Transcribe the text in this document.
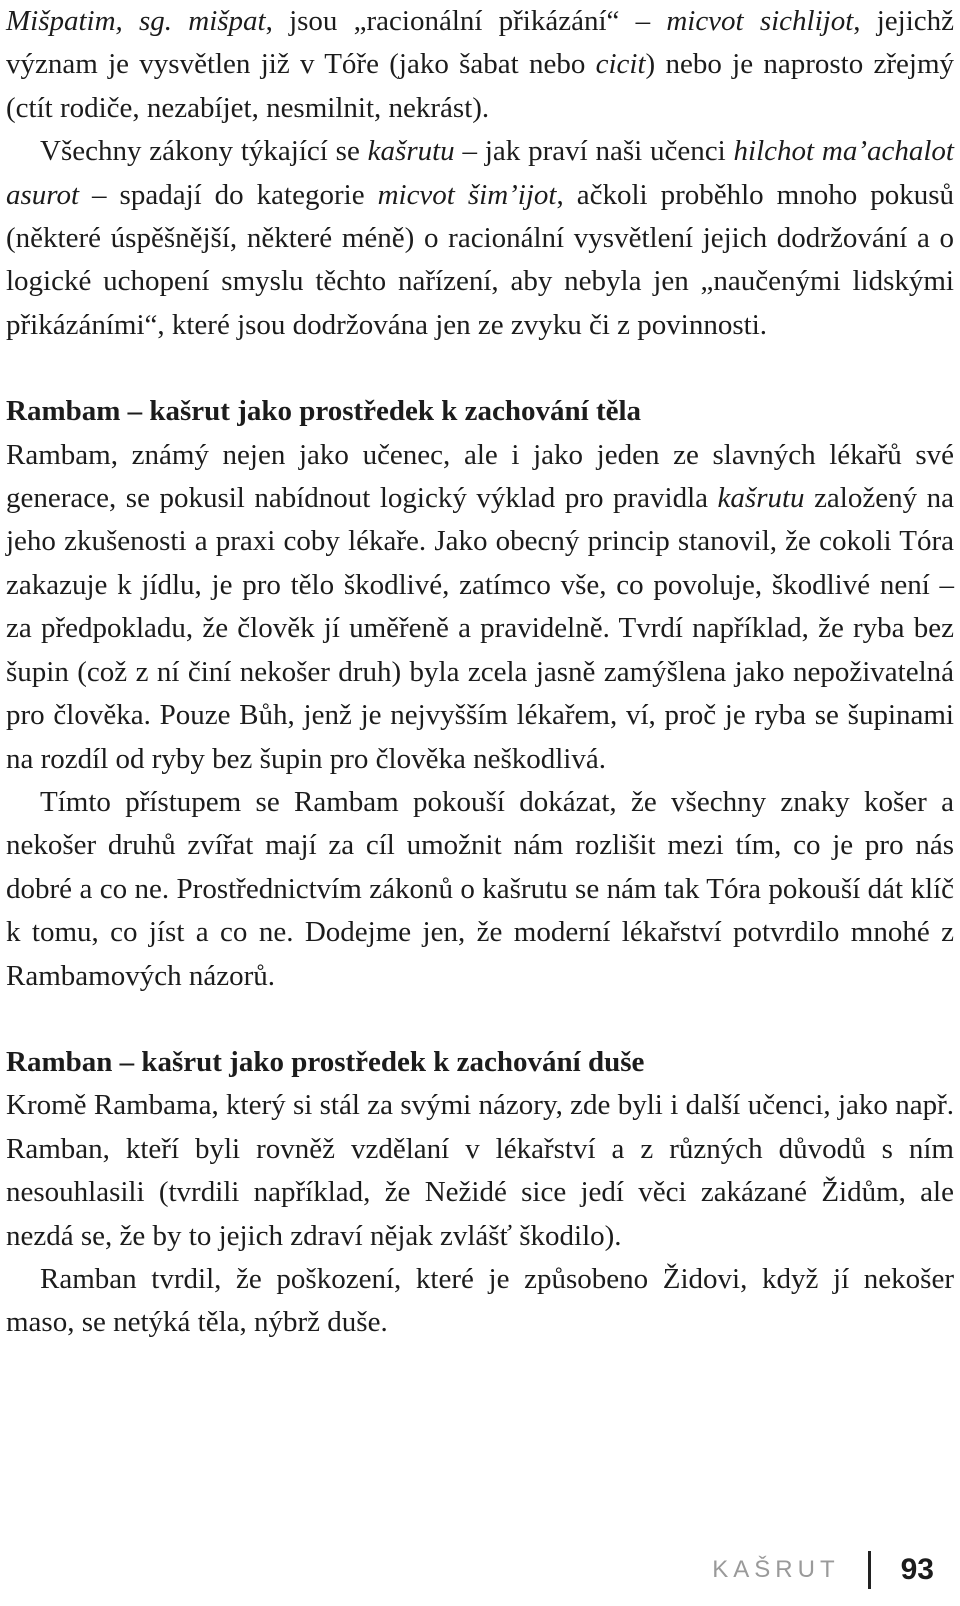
Mišpatim, sg. mišpat, jsou „racionální přikázání“ – micvot sichlijot, jejichž význam je vysvětlen již v Tóře (jako šabat nebo cicit) nebo je naprosto zřejmý (ctít rodiče, nezabíjet, nesmilnit, nekrást).

Všechny zákony týkající se kašrutu – jak praví naši učenci hilchot ma’achalot asurot – spadají do kategorie micvot šim’ijot, ačkoli proběhlo mnoho pokusů (některé úspěšnější, některé méně) o racionální vysvětlení jejich dodržování a o logické uchopení smyslu těchto nařízení, aby nebyla jen „naučenými lidskými přikázáními“, které jsou dodržována jen ze zvyku či z povinnosti.

Rambam – kašrut jako prostředek k zachování těla

Rambam, známý nejen jako učenec, ale i jako jeden ze slavných lékařů své generace, se pokusil nabídnout logický výklad pro pravidla kašrutu založený na jeho zkušenosti a praxi coby lékaře. Jako obecný princip stanovil, že cokoli Tóra zakazuje k jídlu, je pro tělo škodlivé, zatímco vše, co povoluje, škodlivé není – za předpokladu, že člověk jí uměřeně a pravidelně. Tvrdí například, že ryba bez šupin (což z ní činí nekošer druh) byla zcela jasně zamýšlena jako nepoživatelná pro člověka. Pouze Bůh, jenž je nejvyšším lékařem, ví, proč je ryba se šupinami na rozdíl od ryby bez šupin pro člověka neškodlivá.

Tímto přístupem se Rambam pokouší dokázat, že všechny znaky košer a nekošer druhů zvířat mají za cíl umožnit nám rozlišit mezi tím, co je pro nás dobré a co ne. Prostřednictvím zákonů o kašrutu se nám tak Tóra pokouší dát klíč k tomu, co jíst a co ne. Dodejme jen, že moderní lékařství potvrdilo mnohé z Rambamových názorů.

Ramban – kašrut jako prostředek k zachování duše

Kromě Rambama, který si stál za svými názory, zde byli i další učenci, jako např. Ramban, kteří byli rovněž vzdělaní v lékařství a z různých důvodů s ním nesouhlasili (tvrdili například, že Nežidé sice jedí věci zakázané Židům, ale nezdá se, že by to jejich zdraví nějak zvlášť škodilo).

Ramban tvrdil, že poškození, které je způsobeno Židovi, když jí nekošer maso, se netýká těla, nýbrž duše.

KAŠRUT 93
